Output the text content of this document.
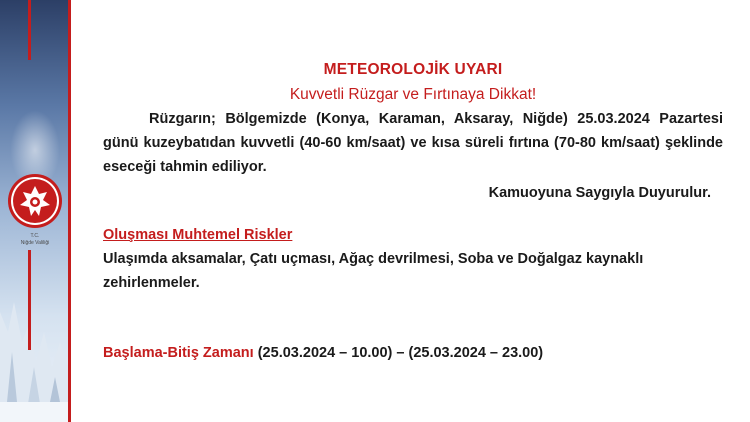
T.C.
Niğde Valiliği
METEOROLOJİK UYARI
Kuvvetli Rüzgar ve Fırtınaya Dikkat!

Rüzgarın; Bölgemizde (Konya, Karaman, Aksaray, Niğde) 25.03.2024 Pazartesi günü kuzeybatıdan kuvvetli (40-60 km/saat) ve kısa süreli fırtına (70-80 km/saat) şeklinde eseceği tahmin ediliyor.

Kamuoyuna Saygıyla Duyurulur.
Oluşması Muhtemel Riskler

Ulaşımda aksamalar, Çatı uçması, Ağaç devrilmesi, Soba ve Doğalgaz kaynaklı zehirlenmeler.

Başlama-Bitiş Zamanı (25.03.2024 – 10.00) – (25.03.2024 – 23.00)
